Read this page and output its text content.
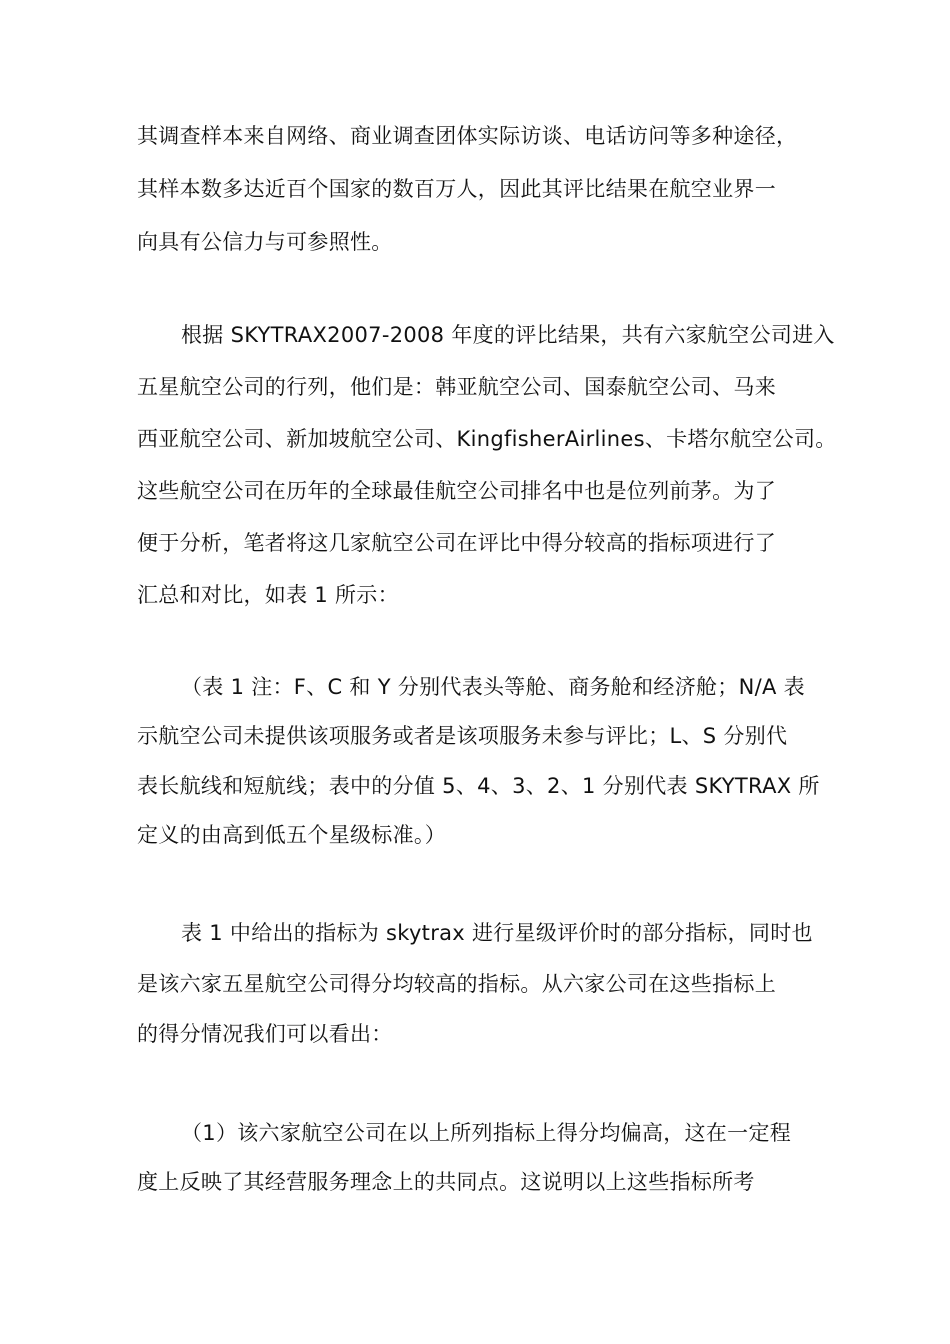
其调查样本来自网络、商业调查团体实际访谈、电话访问等多种途径，
其样本数多达近百个国家的数百万人，因此其评比结果在航空业界一
向具有公信力与可参照性。
根据 SKYTRAX2007-2008 年度的评比结果，共有六家航空公司进入
五星航空公司的行列，他们是：韩亚航空公司、国泰航空公司、马来
西亚航空公司、新加坡航空公司、KingfisherAirlines、卡塔尔航空公司。
这些航空公司在历年的全球最佳航空公司排名中也是位列前茅。为了
便于分析，笔者将这几家航空公司在评比中得分较高的指标项进行了
汇总和对比，如表 1 所示：
（表 1 注：F、C 和 Y 分别代表头等舱、商务舱和经济舱；N/A 表
示航空公司未提供该项服务或者是该项服务未参与评比；L、S 分别代
表长航线和短航线；表中的分值 5、4、3、2、1 分别代表 SKYTRAX 所
定义的由高到低五个星级标准。）
表 1 中给出的指标为 skytrax 进行星级评价时的部分指标，同时也
是该六家五星航空公司得分均较高的指标。从六家公司在这些指标上
的得分情况我们可以看出：
（1）该六家航空公司在以上所列指标上得分均偏高，这在一定程
度上反映了其经营服务理念上的共同点。这说明以上这些指标所考
